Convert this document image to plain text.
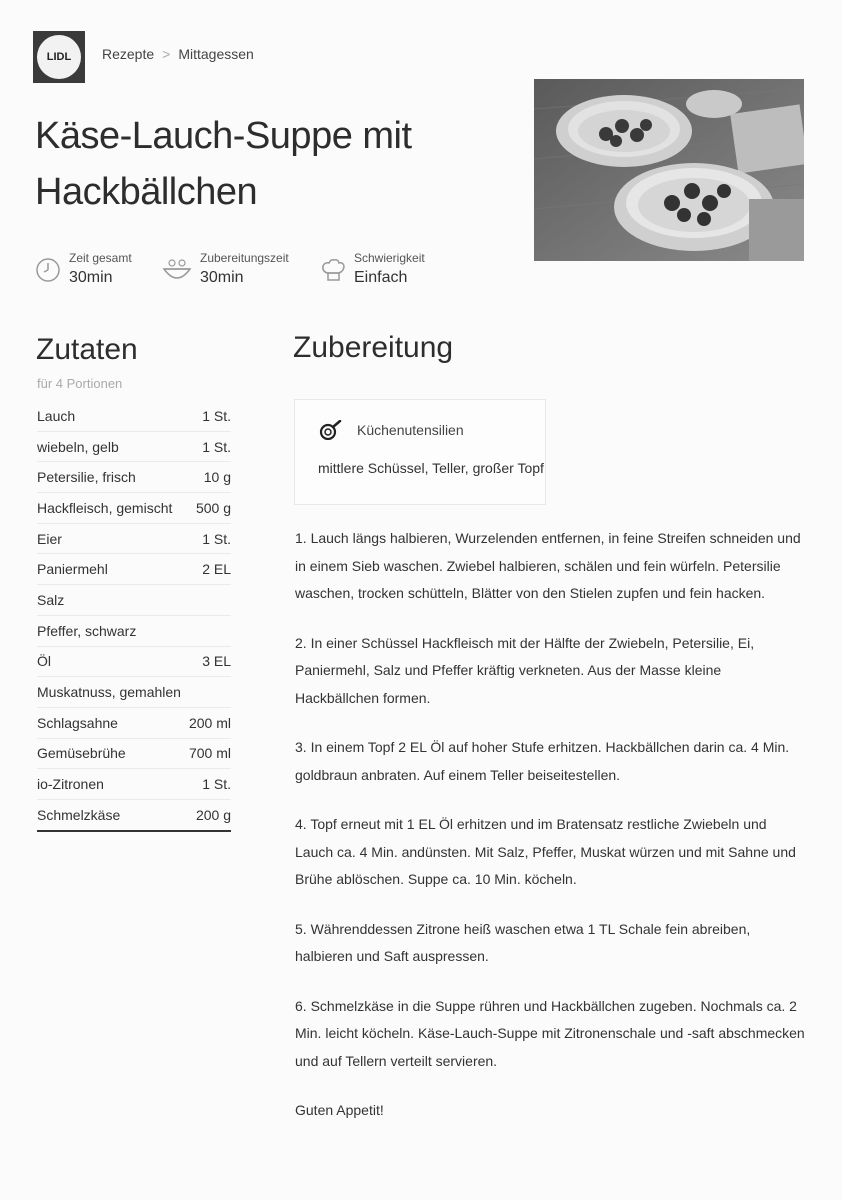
LIDL	Rezepte > Mittagessen
Käse-Lauch-Suppe mit Hackbällchen
Zeit gesamt
30min
Zubereitungszeit
30min
Schwierigkeit
Einfach
Zutaten
für 4 Portionen
Lauch	1 St.
wiebeln, gelb	1 St.
Petersilie, frisch	10 g
Hackfleisch, gemischt 500 g
Eier	1 St.
Paniermehl	2 EL
Salz
Pfeffer, schwarz
Öl	3 EL
Muskatnuss, gemahlen
Schlagsahne	200 ml
Gemüsebrühe	700 ml
io-Zitronen	1 St.
Schmelzkäse	200 g
Zubereitung
Küchenutensilien
mittlere Schüssel, Teller, großer Topf

1. Lauch längs halbieren, Wurzelenden entfernen, in feine Streifen schneiden und in einem Sieb waschen. Zwiebel halbieren, schälen und fein würfeln. Petersilie waschen, trocken schütteln, Blätter von den Stielen zupfen und fein hacken.

2. In einer Schüssel Hackfleisch mit der Hälfte der Zwiebeln, Petersilie, Ei, Paniermehl, Salz und Pfeffer kräftig verkneten. Aus der Masse kleine Hackbällchen formen.

3. In einem Topf 2 EL Öl auf hoher Stufe erhitzen. Hackbällchen darin ca. 4 Min. goldbraun anbraten. Auf einem Teller beiseitestellen.

4. Topf erneut mit 1 EL Öl erhitzen und im Bratensatz restliche Zwiebeln und Lauch ca. 4 Min. andünsten. Mit Salz, Pfeffer, Muskat würzen und mit Sahne und Brühe ablöschen. Suppe ca. 10 Min. köcheln.

5. Währenddessen Zitrone heiß waschen etwa 1 TL Schale fein abreiben, halbieren und Saft auspressen.

6. Schmelzkäse in die Suppe rühren und Hackbällchen zugeben. Nochmals ca. 2 Min. leicht köcheln. Käse-Lauch-Suppe mit Zitronenschale und -saft abschmecken und auf Tellern verteilt servieren.

Guten Appetit!
